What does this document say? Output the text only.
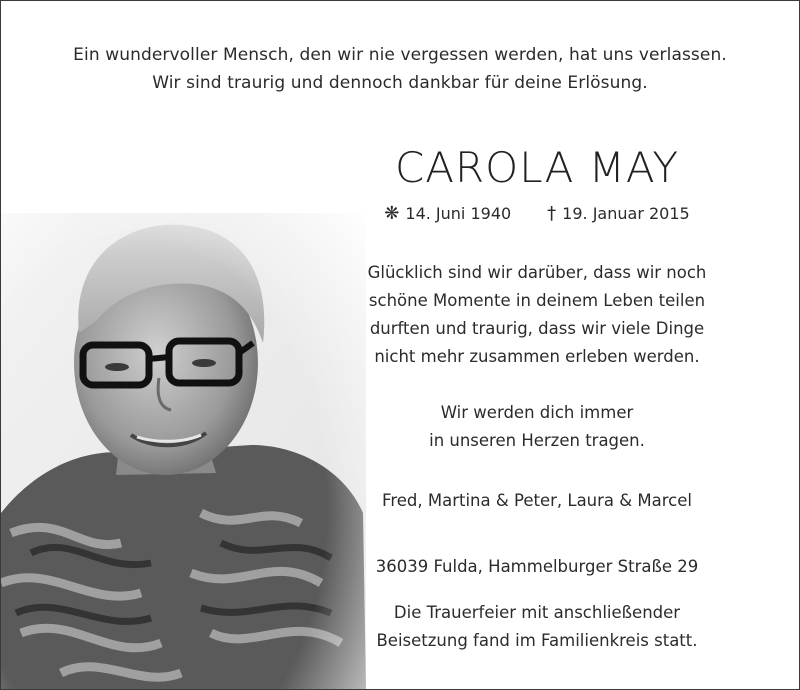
Ein wundervoller Mensch, den wir nie vergessen werden, hat uns verlassen.
Wir sind traurig und dennoch dankbar für deine Erlösung.
CAROLA MAY
❋ 14. Juni 1940 † 19. Januar 2015
Glücklich sind wir darüber, dass wir noch
schöne Momente in deinem Leben teilen
durften und traurig, dass wir viele Dinge
nicht mehr zusammen erleben werden.
Wir werden dich immer
in unseren Herzen tragen.
Fred, Martina & Peter, Laura & Marcel
36039 Fulda, Hammelburger Straße 29
Die Trauerfeier mit anschließender
Beisetzung fand im Familienkreis statt.
